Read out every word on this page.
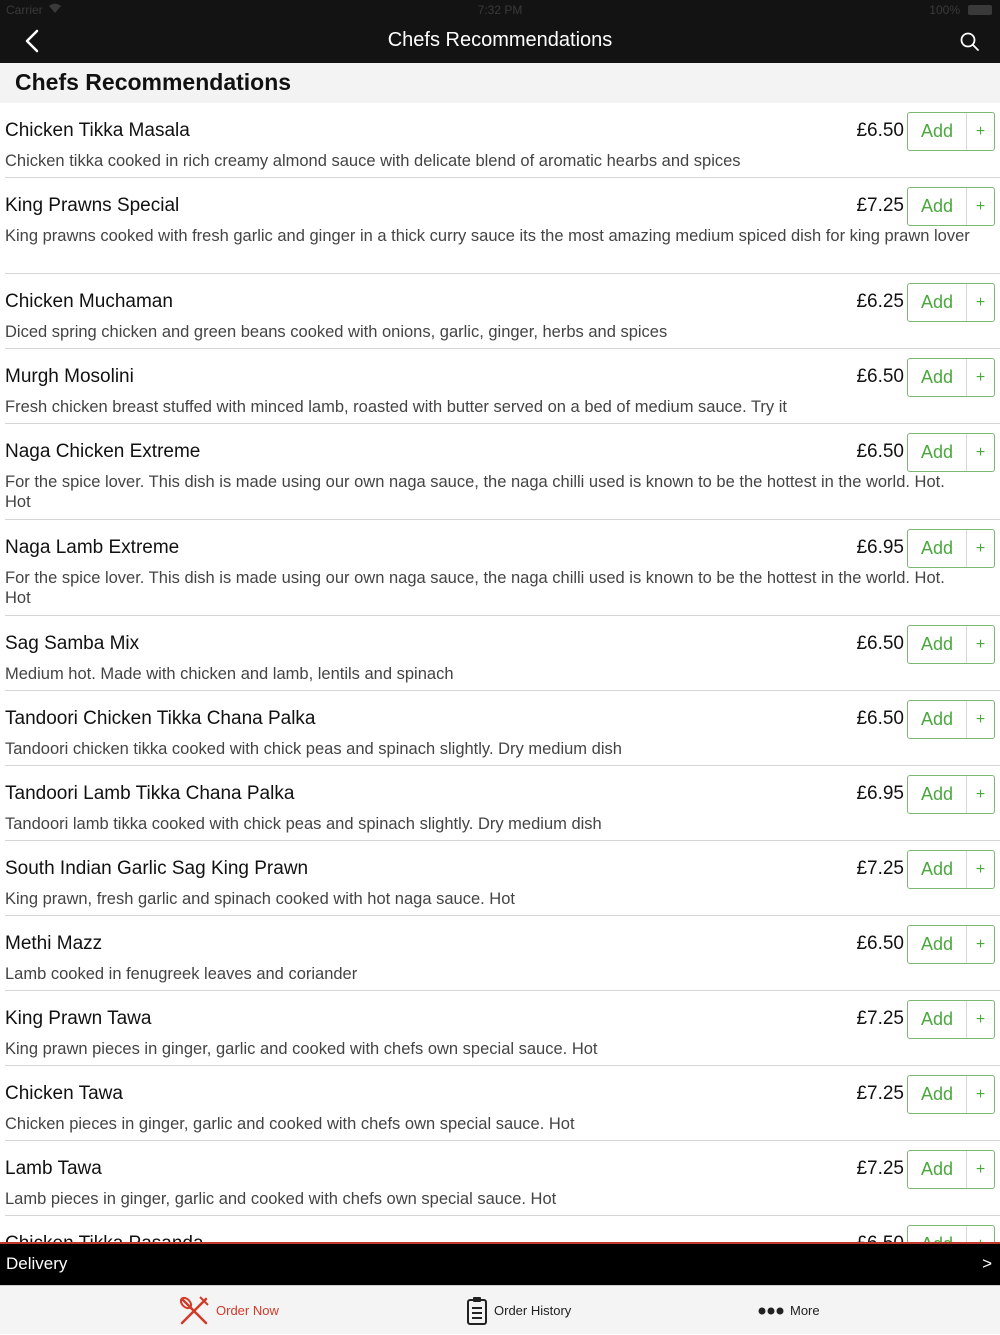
Carrier	7:32 PM	100%
Chefs Recommendations
Chefs Recommendations
Chicken Tikka Masala	£6.50 Add	+
Chicken tikka cooked in rich creamy almond sauce with delicate blend of aromatic hearbs and spices
King Prawns Special	£7.25 Add	+
King prawns cooked with fresh garlic and ginger in a thick curry sauce its the most amazing medium spiced dish for king prawn lover
Chicken Muchaman	£6.25 Add	+
Diced spring chicken and green beans cooked with onions, garlic, ginger, herbs and spices
Murgh Mosolini	£6.50 Add	+
Fresh chicken breast stuffed with minced lamb, roasted with butter served on a bed of medium sauce. Try it
Naga Chicken Extreme	£6.50 Add	+
For the spice lover. This dish is made using our own naga sauce, the naga chilli used is known to be the hottest in the world. Hot. Hot
Naga Lamb Extreme	£6.95 Add	+
For the spice lover. This dish is made using our own naga sauce, the naga chilli used is known to be the hottest in the world. Hot. Hot
Sag Samba Mix	£6.50 Add	+
Medium hot. Made with chicken and lamb, lentils and spinach
Tandoori Chicken Tikka Chana Palka	£6.50 Add	+
Tandoori chicken tikka cooked with chick peas and spinach slightly. Dry medium dish
Tandoori Lamb Tikka Chana Palka	£6.95 Add	+
Tandoori lamb tikka cooked with chick peas and spinach slightly. Dry medium dish
South Indian Garlic Sag King Prawn	£7.25 Add	+
King prawn, fresh garlic and spinach cooked with hot naga sauce. Hot
Methi Mazz	£6.50 Add	+
Lamb cooked in fenugreek leaves and coriander
King Prawn Tawa	£7.25 Add	+
King prawn pieces in ginger, garlic and cooked with chefs own special sauce. Hot
Chicken Tawa	£7.25 Add	+
Chicken pieces in ginger, garlic and cooked with chefs own special sauce. Hot
Lamb Tawa	£7.25 Add	+
Lamb pieces in ginger, garlic and cooked with chefs own special sauce. Hot
Delivery	>
Order Now	Order History	More
